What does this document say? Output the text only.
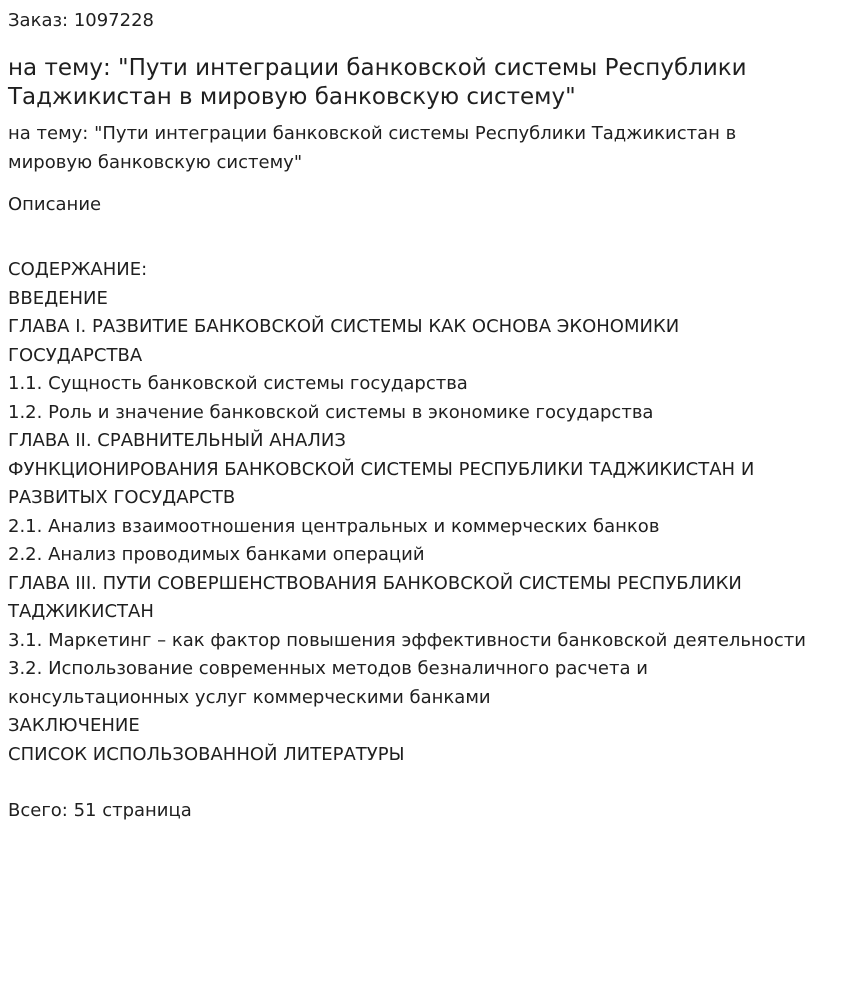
Заказ: 1097228

на тему: "Пути интеграции банковской системы Республики Таджикистан в мировую банковскую систему"

на тему: "Пути интеграции банковской системы Республики Таджикистан в мировую банковскую систему"

Описание

СОДЕРЖАНИЕ:

ВВЕДЕНИЕ

ГЛАВА I. РАЗВИТИЕ БАНКОВСКОЙ СИСТЕМЫ КАК ОСНОВА ЭКОНОМИКИ ГОСУДАРСТВА

1.1. Сущность банковской системы государства

1.2. Роль и значение банковской системы в экономике государства

ГЛАВА II. СРАВНИТЕЛЬНЫЙ АНАЛИЗ

ФУНКЦИОНИРОВАНИЯ БАНКОВСКОЙ СИСТЕМЫ РЕСПУБЛИКИ ТАДЖИКИСТАН И РАЗВИТЫХ ГОСУДАРСТВ

2.1. Анализ взаимоотношения центральных и коммерческих банков

2.2. Анализ проводимых банками операций

ГЛАВА III. ПУТИ СОВЕРШЕНСТВОВАНИЯ БАНКОВСКОЙ СИСТЕМЫ РЕСПУБЛИКИ ТАДЖИКИСТАН

3.1. Маркетинг – как фактор повышения эффективности банковской деятельности

3.2. Использование современных методов безналичного расчета и консультационных услуг коммерческими банками

ЗАКЛЮЧЕНИЕ

СПИСОК ИСПОЛЬЗОВАННОЙ ЛИТЕРАТУРЫ

Всего: 51 страница
